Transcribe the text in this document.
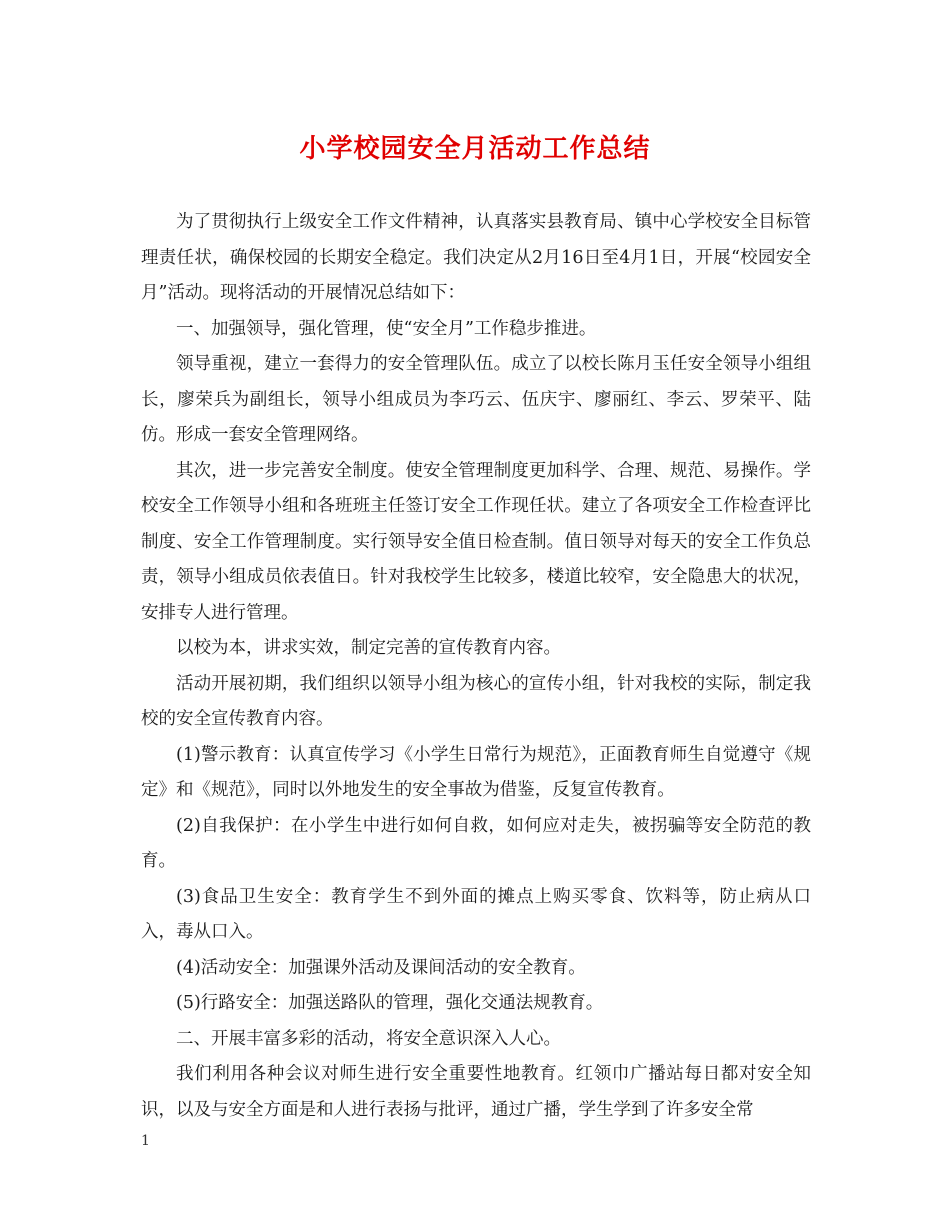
小学校园安全月活动工作总结

为了贯彻执行上级安全工作文件精神，认真落实县教育局、镇中心学校安全目标管理责任状，确保校园的长期安全稳定。我们决定从2月16日至4月1日，开展“校园安全月”活动。现将活动的开展情况总结如下：

一、加强领导，强化管理，使“安全月”工作稳步推进。

领导重视，建立一套得力的安全管理队伍。成立了以校长陈月玉任安全领导小组组长，廖荣兵为副组长，领导小组成员为李巧云、伍庆宇、廖丽红、李云、罗荣平、陆仿。形成一套安全管理网络。

其次，进一步完善安全制度。使安全管理制度更加科学、合理、规范、易操作。学校安全工作领导小组和各班班主任签订安全工作现任状。建立了各项安全工作检查评比制度、安全工作管理制度。实行领导安全值日检查制。值日领导对每天的安全工作负总责，领导小组成员依表值日。针对我校学生比较多，楼道比较窄，安全隐患大的状况，安排专人进行管理。

以校为本，讲求实效，制定完善的宣传教育内容。

活动开展初期，我们组织以领导小组为核心的宣传小组，针对我校的实际，制定我校的安全宣传教育内容。

(1)警示教育：认真宣传学习《小学生日常行为规范》，正面教育师生自觉遵守《规定》和《规范》，同时以外地发生的安全事故为借鉴，反复宣传教育。

(2)自我保护：在小学生中进行如何自救，如何应对走失，被拐骗等安全防范的教育。

(3)食品卫生安全：教育学生不到外面的摊点上购买零食、饮料等，防止病从口入，毒从口入。

(4)活动安全：加强课外活动及课间活动的安全教育。

(5)行路安全：加强送路队的管理，强化交通法规教育。

二、开展丰富多彩的活动，将安全意识深入人心。

我们利用各种会议对师生进行安全重要性地教育。红领巾广播站每日都对安全知识，以及与安全方面是和人进行表扬与批评，通过广播，学生学到了许多安全常

1
